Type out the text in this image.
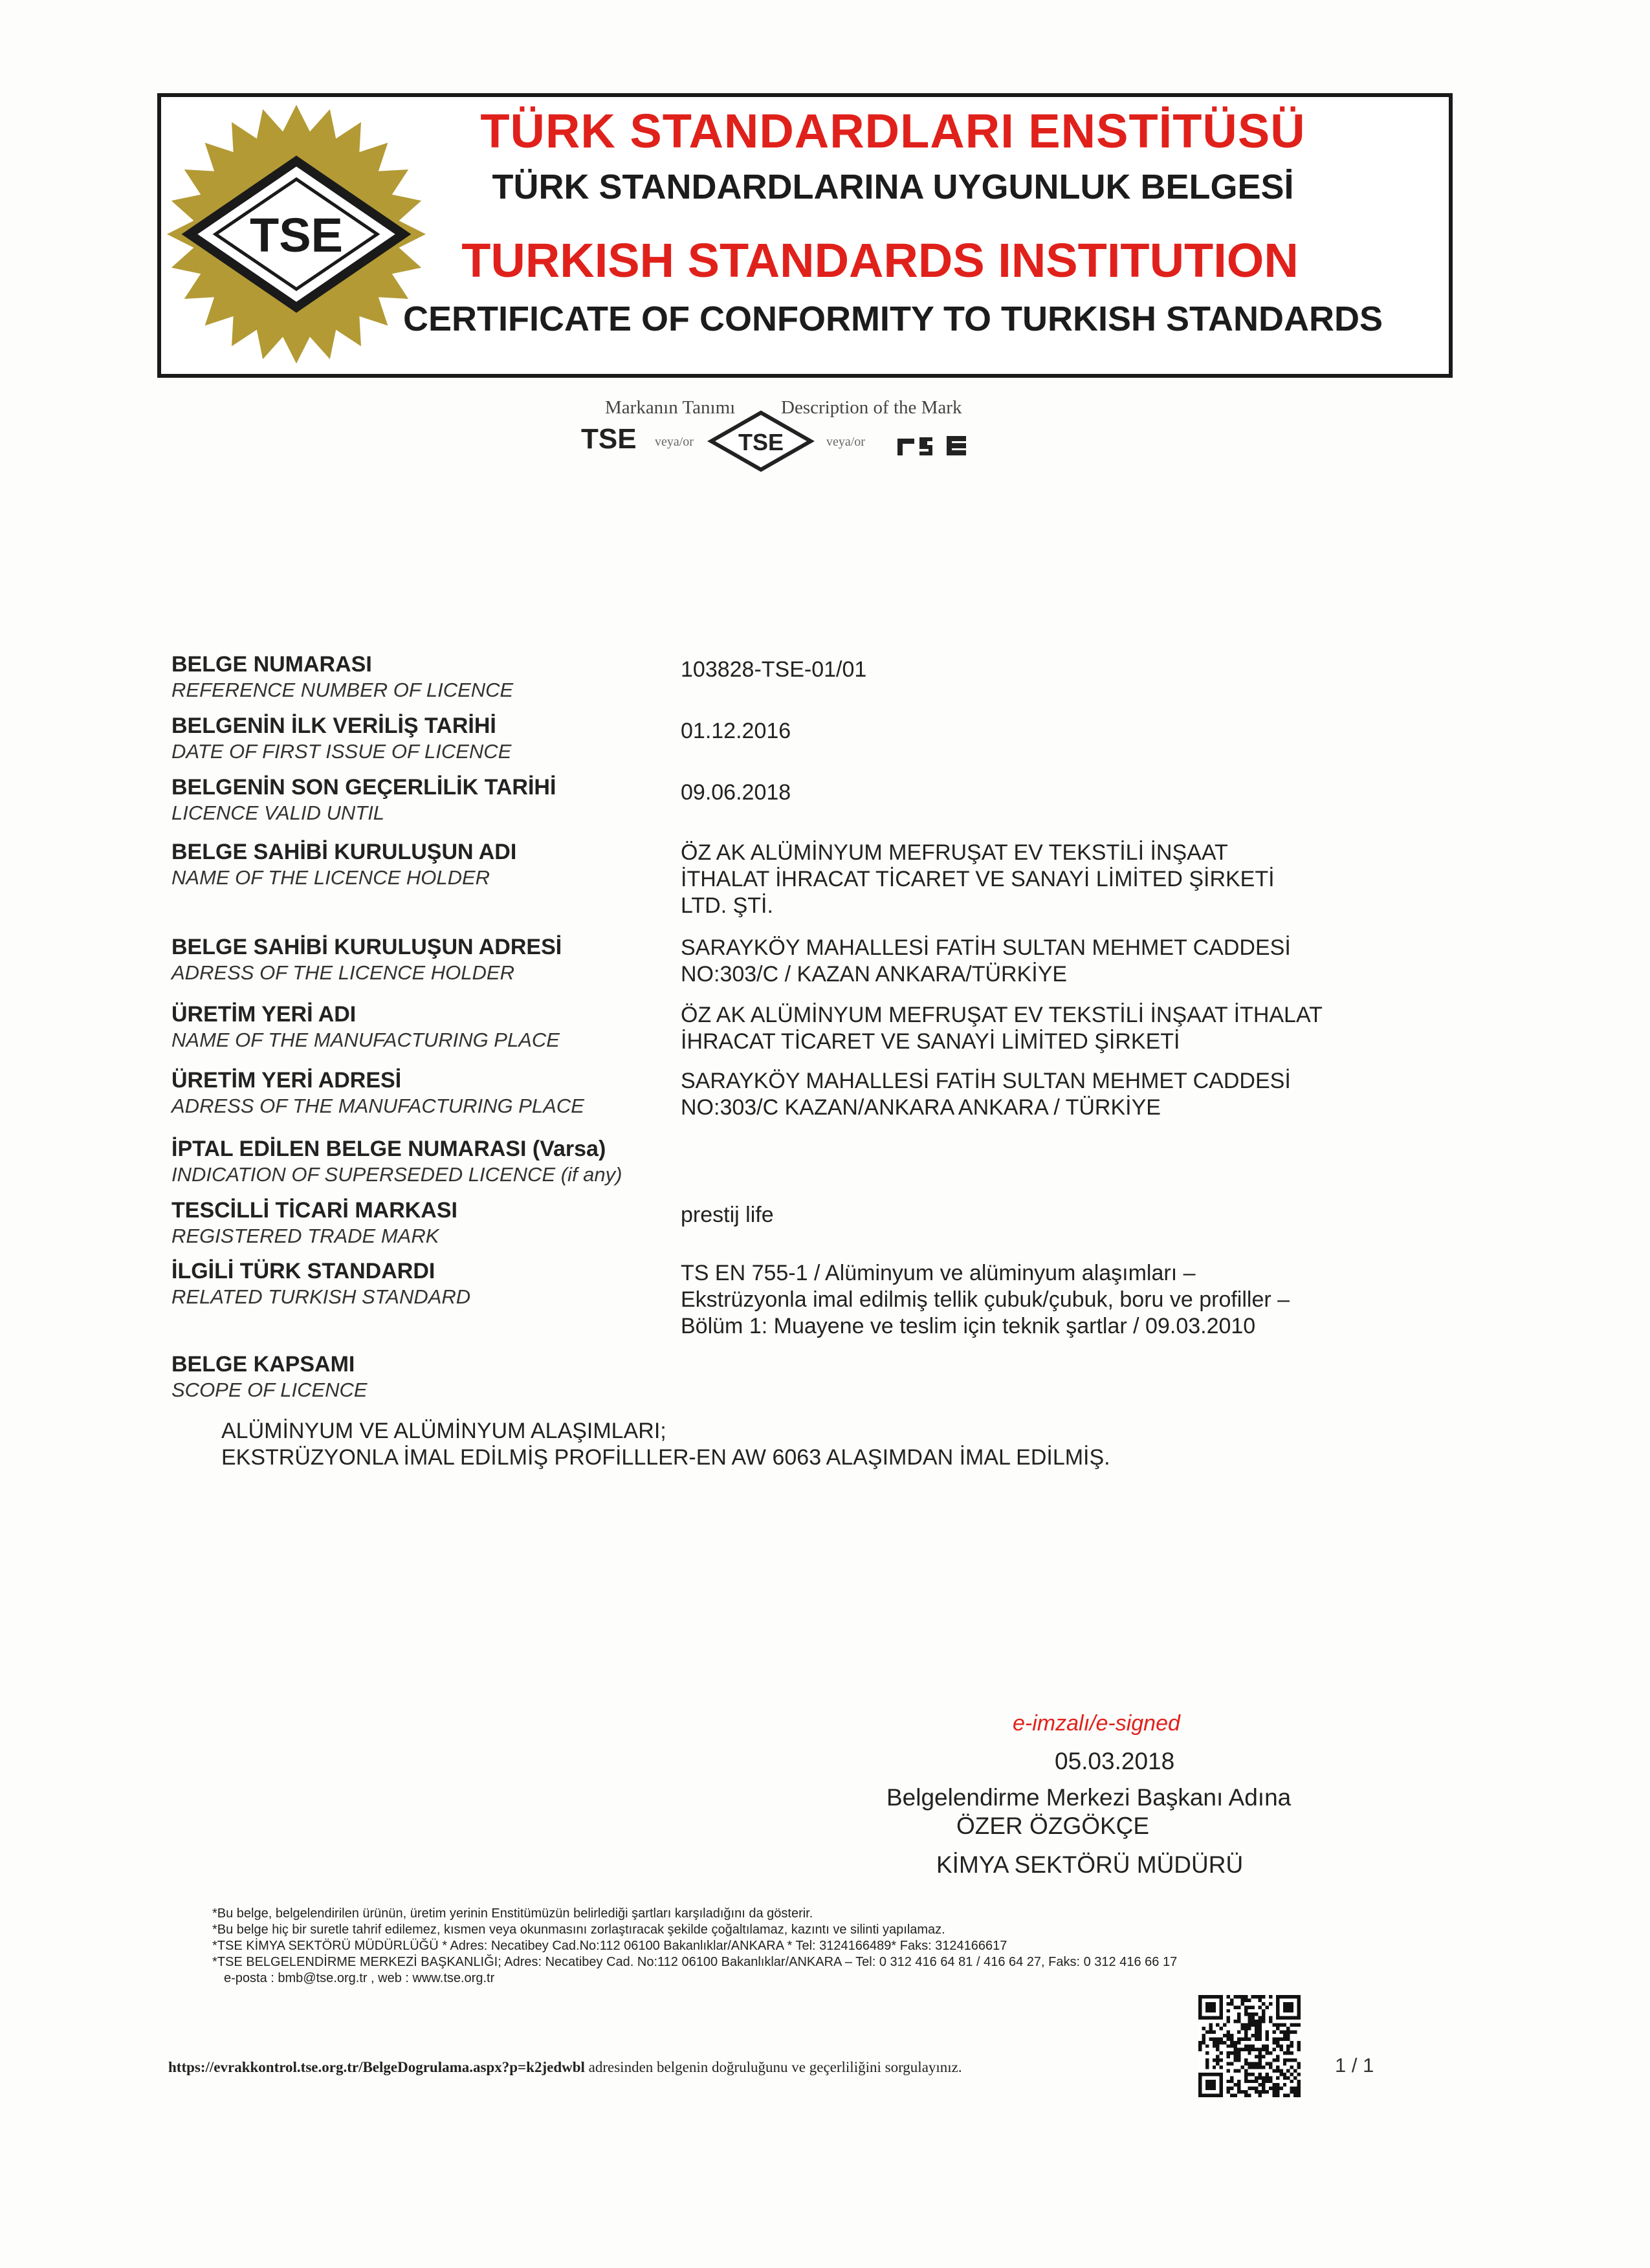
TSE
TÜRK STANDARDLARI ENSTİTÜSÜ
TÜRK STANDARDLARINA UYGUNLUK BELGESİ
TURKISH STANDARDS INSTITUTION
CERTIFICATE OF CONFORMITY TO TURKISH STANDARDS
Markanın Tanımı Description of the Mark
TSE veya/or TSE	veya/or
BELGE NUMARASI
REFERENCE NUMBER OF LICENCE
103828-TSE-01/01
BELGENİN İLK VERİLİŞ TARİHİ
DATE OF FIRST ISSUE OF LICENCE
01.12.2016
BELGENİN SON GEÇERLİLİK TARİHİ
LICENCE VALID UNTIL
09.06.2018
BELGE SAHİBİ KURULUŞUN ADI
NAME OF THE LICENCE HOLDER
ÖZ AK ALÜMİNYUM MEFRUŞAT EV TEKSTİLİ İNŞAAT
İTHALAT İHRACAT TİCARET VE SANAYİ LİMİTED ŞİRKETİ
LTD. ŞTİ.
BELGE SAHİBİ KURULUŞUN ADRESİ
ADRESS OF THE LICENCE HOLDER
SARAYKÖY MAHALLESİ FATİH SULTAN MEHMET CADDESİ
NO:303/C / KAZAN ANKARA/TÜRKİYE
ÜRETİM YERİ ADI
NAME OF THE MANUFACTURING PLACE
ÖZ AK ALÜMİNYUM MEFRUŞAT EV TEKSTİLİ İNŞAAT İTHALAT
İHRACAT TİCARET VE SANAYİ LİMİTED ŞİRKETİ
ÜRETİM YERİ ADRESİ
ADRESS OF THE MANUFACTURING PLACE
SARAYKÖY MAHALLESİ FATİH SULTAN MEHMET CADDESİ
NO:303/C KAZAN/ANKARA ANKARA / TÜRKİYE
İPTAL EDİLEN BELGE NUMARASI (Varsa)
INDICATION OF SUPERSEDED LICENCE (if any)
TESCİLLİ TİCARİ MARKASI
REGISTERED TRADE MARK
prestij life
İLGİLİ TÜRK STANDARDI
RELATED TURKISH STANDARD
TS EN 755-1 / Alüminyum ve alüminyum alaşımları –
Ekstrüzyonla imal edilmiş tellik çubuk/çubuk, boru ve profiller –
Bölüm 1: Muayene ve teslim için teknik şartlar / 09.03.2010
BELGE KAPSAMI
SCOPE OF LICENCE
ALÜMİNYUM VE ALÜMİNYUM ALAŞIMLARI;
EKSTRÜZYONLA İMAL EDİLMİŞ PROFİLLLER-EN AW 6063 ALAŞIMDAN İMAL EDİLMİŞ.
e-imzalı/e-signed
05.03.2018
Belgelendirme Merkezi Başkanı Adına
ÖZER ÖZGÖKÇE
KİMYA SEKTÖRÜ MÜDÜRÜ
*Bu belge, belgelendirilen ürünün, üretim yerinin Enstitümüzün belirlediği şartları karşıladığını da gösterir.
*Bu belge hiç bir suretle tahrif edilemez, kısmen veya okunmasını zorlaştıracak şekilde çoğaltılamaz, kazıntı ve silinti yapılamaz.
*TSE KİMYA SEKTÖRÜ MÜDÜRLÜĞÜ * Adres: Necatibey Cad.No:112 06100 Bakanlıklar/ANKARA * Tel: 3124166489* Faks: 3124166617
*TSE BELGELENDİRME MERKEZİ BAŞKANLIĞI; Adres: Necatibey Cad. No:112 06100 Bakanlıklar/ANKARA – Tel: 0 312 416 64 81 / 416 64 27, Faks: 0 312 416 66 17
e-posta : bmb@tse.org.tr , web : www.tse.org.tr
https://evrakkontrol.tse.org.tr/BelgeDogrulama.aspx?p=k2jedwbl adresinden belgenin doğruluğunu ve geçerliliğini sorgulayınız.	1 / 1
